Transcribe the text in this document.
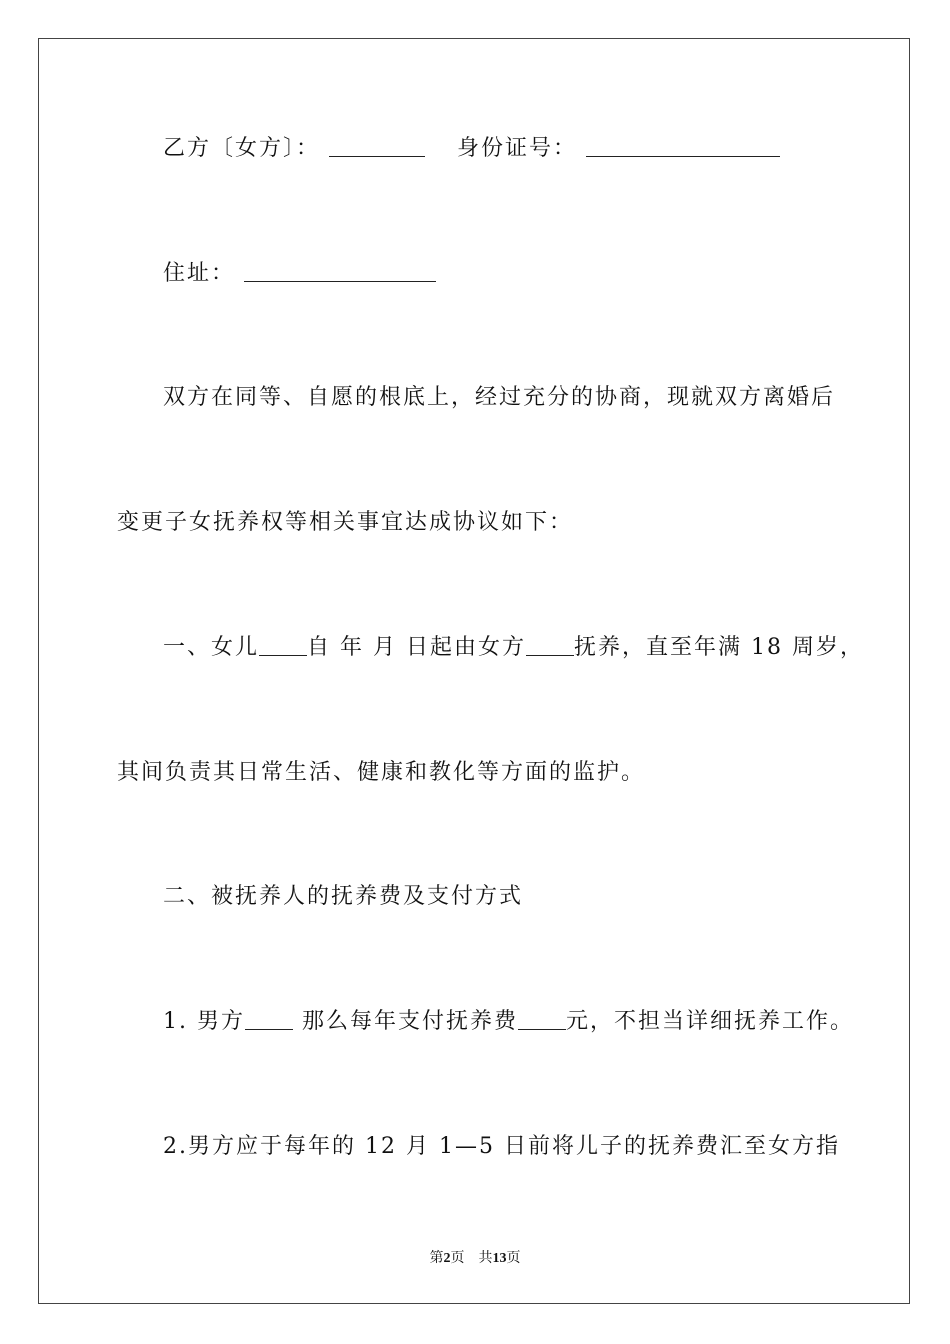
乙方〔女方〕：	身份证号：
住址：
双方在同等、自愿的根底上，经过充分的协商，现就双方离婚后
变更子女抚养权等相关事宜达成协议如下：
一、女儿 自 年 月 日起由女方 抚养，直至年满 18 周岁，
其间负责其日常生活、健康和教化等方面的监护。
二、被抚养人的抚养费及支付方式
1. 男方 那么每年支付抚养费 元，不担当详细抚养工作。
2.男方应于每年的 12 月 1—5 日前将儿子的抚养费汇至女方指
第2页　共13页
